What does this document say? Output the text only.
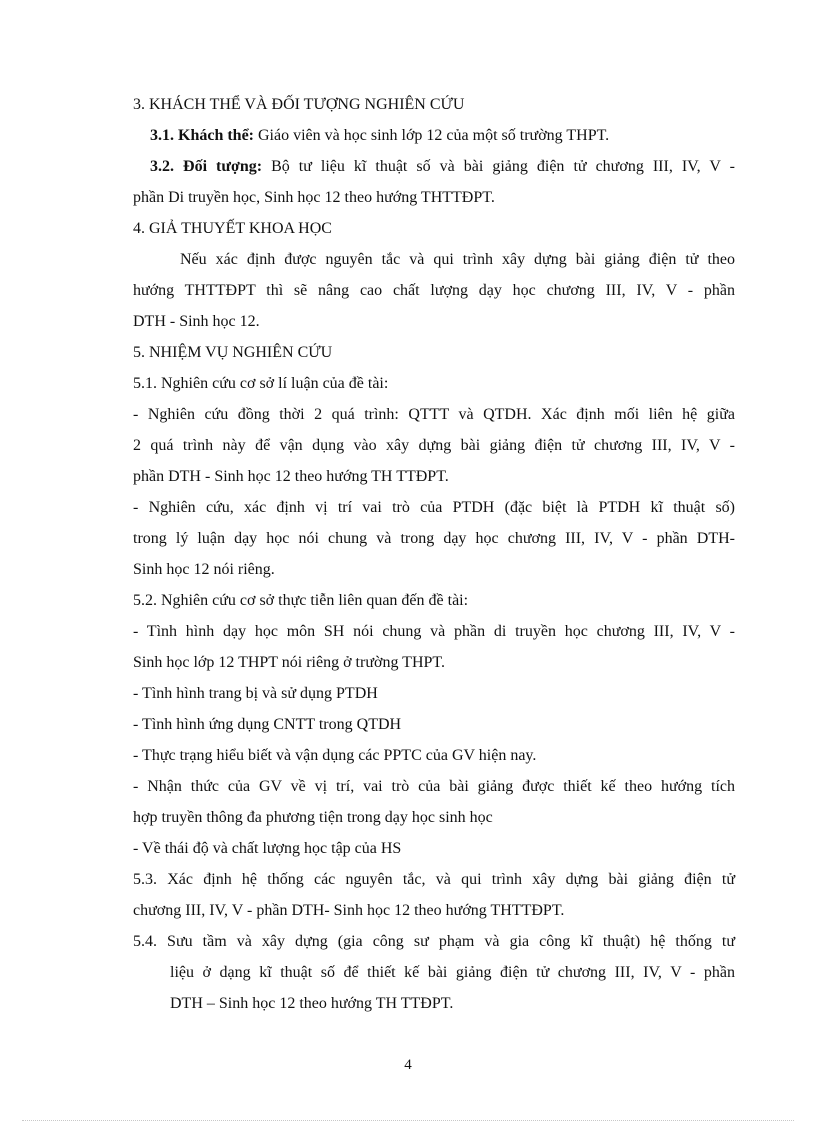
3. KHÁCH THỂ VÀ ĐỐI TƯỢNG NGHIÊN CỨU
3.1. Khách thể: Giáo viên và học sinh lớp 12 của một số trường THPT.
3.2. Đối tượng: Bộ tư liệu kĩ thuật số và bài giảng điện tử chương III, IV, V -
phần Di truyền học, Sinh học 12 theo hướng THTTĐPT.
4. GIẢ THUYẾT KHOA HỌC
Nếu xác định được nguyên tắc và qui trình xây dựng bài giảng điện tử theo
hướng THTTĐPT thì sẽ nâng cao chất lượng dạy học chương III, IV, V - phần
DTH - Sinh học 12.
5. NHIỆM VỤ NGHIÊN CỨU
5.1. Nghiên cứu cơ sở lí luận của đề tài:
- Nghiên cứu đồng thời 2 quá trình: QTTT và QTDH. Xác định mối liên hệ giữa
2 quá trình này để vận dụng vào xây dựng bài giảng điện tử chương III, IV, V -
phần DTH - Sinh học 12 theo hướng TH TTĐPT.
- Nghiên cứu, xác định vị trí vai trò của PTDH (đặc biệt là PTDH kĩ thuật số)
trong lý luận dạy học nói chung và trong dạy học chương III, IV, V - phần DTH-
Sinh học 12 nói riêng.
5.2. Nghiên cứu cơ sở thực tiễn liên quan đến đề tài:
- Tình hình dạy học môn SH nói chung và phần di truyền học chương III, IV, V -
Sinh học lớp 12 THPT nói riêng ở trường THPT.
- Tình hình trang bị và sử dụng PTDH
- Tình hình ứng dụng CNTT trong QTDH
- Thực trạng hiểu biết và vận dụng các PPTC của GV hiện nay.
- Nhận thức của GV về vị trí, vai trò của bài giảng được thiết kế theo hướng tích
hợp truyền thông đa phương tiện trong dạy học sinh học
- Về thái độ và chất lượng học tập của HS
5.3. Xác định hệ thống các nguyên tắc, và qui trình xây dựng bài giảng điện tử
chương III, IV, V - phần DTH- Sinh học 12 theo hướng THTTĐPT.
5.4. Sưu tầm và xây dựng (gia công sư phạm và gia công kĩ thuật) hệ thống tư
liệu ở dạng kĩ thuật số để thiết kế bài giảng điện tử chương III, IV, V - phần
DTH – Sinh học 12 theo hướng TH TTĐPT.
4
